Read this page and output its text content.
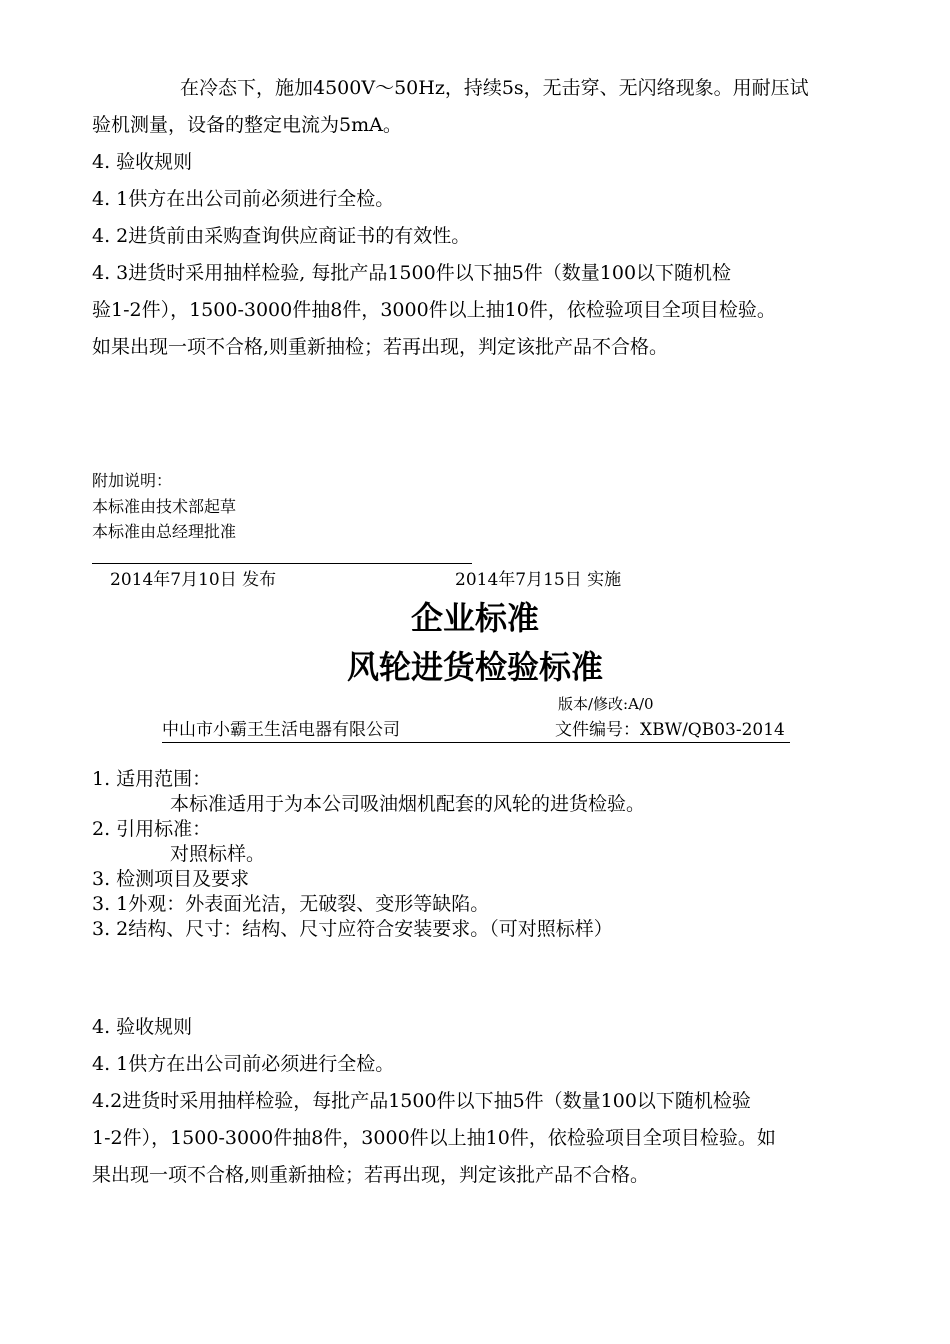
在冷态下，施加4500V～50Hz，持续5s，无击穿、无闪络现象。用耐压试
验机测量，设备的整定电流为5mA。
4. 验收规则
4. 1供方在出公司前必须进行全检。
4. 2进货前由采购查询供应商证书的有效性。
4. 3进货时采用抽样检验, 每批产品1500件以下抽5件（数量100以下随机检
验1-2件），1500-3000件抽8件，3000件以上抽10件，依检验项目全项目检验。
如果出现一项不合格,则重新抽检；若再出现，判定该批产品不合格。
附加说明：
本标准由技术部起草
本标准由总经理批准
2014年7月10日 发布	2014年7月15日 实施
企业标准
风轮进货检验标准
版本/修改:A/0
中山市小霸王生活电器有限公司	文件编号：XBW/QB03-2014
1. 适用范围：
本标准适用于为本公司吸油烟机配套的风轮的进货检验。
2. 引用标准：
对照标样。
3. 检测项目及要求
3. 1外观：外表面光洁，无破裂、变形等缺陷。
3. 2结构、尺寸：结构、尺寸应符合安装要求。（可对照标样）
4. 验收规则
4. 1供方在出公司前必须进行全检。
4.2进货时采用抽样检验，每批产品1500件以下抽5件（数量100以下随机检验
1-2件），1500-3000件抽8件，3000件以上抽10件，依检验项目全项目检验。如
果出现一项不合格,则重新抽检；若再出现，判定该批产品不合格。
